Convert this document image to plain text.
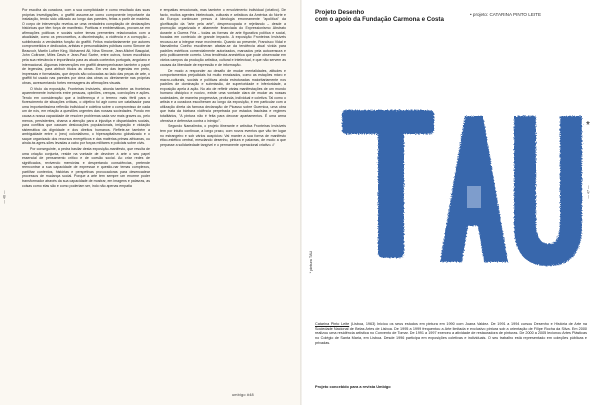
Por escolha da curadora, com a sua cumplicidade e como resultado das suas próprias investigações, o graffiti assume-se como componente importante da instalação, tendo sido utilizado ao longo das paredes, feitas a partir de madeira. O corpo de intervenção revelou-se uma verdadeira compilação de declarações históricas que têm força de manifesto. Poéticas e emblemáticas, provam-se em afirmações políticas e sociais sobre temas prementes relacionados com a atualidade, como os preconceitos, a discriminação, a violência e a corrupção – sublinhando a verdadeira função do graffiti. Feitos maioritariamente por autores comprometidos e dedicados, artistas e personalidades públicas como Simone de Beauvoir, Martin Luther King, Mohamed Ali, Nina Simone, Jean-Michel Basquiat, John Coltrane, Miles Davis e Jean-Paul Sartre, entre outros, foram escolhidos pela sua relevância e importância para as atuais contextos portugais, angolano e internacional. Algumas intervenções em graffiti desempenharam também o papel de legendas, para atribuir títulos às obras. Em vez das legendas em preto, impressas e formatadas, que depois são colocadas ao lado das peças de arte, o graffiti foi usado nas paredes por cima das obras ou diretamente nas próprias obras, acrescentando fortes mensagens às afirmações visuais.

O título da exposição, Fronteiras Invisíveis, aborda também as fronteiras aparentemente invisíveis entre pessoas, opiniões, crenças, convicções e ações. Tendo em consideração que a indiferença é o terreno mais fértil para o florescimento de situações críticas, o objetivo foi agir como um catalisador para uma importantíssima reflexão individual e coletiva sobre o compromisso de cada um de nós, em relação a questões urgentes das nossas sociedades. Pondo em causa a nossa capacidade de resolver problemas cada vez mais graves ou, pelo menos, persistentes, chama a atenção para a injustiça e disparidades sociais, para conflitos que causam deslocações populacionais, imigração e violação sistemática da dignidade e dos direitos humanos. Reflete-se também a ambiguidade entre o (neo) colonialismo, o hipercapitalismo globalizado e o saque organizado dos recursos energéticos e das matérias-primas africanas, ou ainda às agres-sões levadas a cabo por forças militares e policiais sobre civis.

Por conseguinte, a pedra basilar desta exposição-manifesto, que resulta de uma criação conjunta, reside na vontade de devolver à arte o seu papel essencial de pensamento crítico e de coesão social. Ao criar redes de significados, revivendo memórias e despertando consciências, pretende reencontrar a sua capacidade de expressar e questio-nar temas complexos, partilhar contextos, histórias e perspetivas provocadoras para desencadear processos de mudança social. Porque a arte tem sempre um enorme poder transformador através da sua capacidade de mostrar, em imagens e palavras, as coisas como elas são e como poderiam ser, indo não apenas empatia

e empatias emocionais, mas também o envolvimento individual (criativo). De facto, muitos agentes intelectuais, culturais e artísticos da América do Norte e da Europa continuam presos à ideologia erroneamente "apolítica" da glorificação da "arte pela arte", despreocupada e rejeitando – desde a promoção organizada e altamente financiada do Expressionismo Abstrato durante a Guerra Fria – todas as formas de arte figurativa política e social, focadas em conteúdo de grande impacto. A exposição Fronteiras Invisíveis recusou-se a integrar esse movimento. Quanto ao presente, Francisco Vidal e Namalimba Coelho escolheram afastar-se da tendência atual vivida para padrões estéticos comercialmente autorizados, marcados pela autocensura e pelo politicamente correto. Uma tendência anestética que pode observadar em vários campos da produção artística, cultural e intelectual, e que não servem as causas da liberdade de expressão e de informação.

De modo a responder ao desafio de mudar mentalidades, atitudes e comportamentos prejudiciais há muito enraizados, como as estações micro e macro-culturais, sociais e políticas ainda estruturadas maioritariamente nos padrões de dominação e submissão, de superioridade e inferioridade, a exposição apela à ação. No ato de refletir várias manifestações de um mundo humano distópico e nocivo, existe uma vontade clara de mudar as nossas sociedades, de maneira progressiva, profunda, individual e coletiva. Tal como o artista e a curadora escolheram ao longo da exposição, é em particular com a utilização direta da famosa declaração de Picasso sobre Guernica, uma obra que trata da bárbara violência perpetrada por estados fascistas e regimes totalitários, "A pintura não é feita para decorar apartamentos. É uma arma ofensiva e defensiva contra o inimigo".

Segundo Namalimba, o projeto itinerante e artística Fronteiras Invisíveis tem por intuito continuar, a longo prazo, com novos eventos que vão ter lugar no estrangeiro e sob vários auspícios: Vai manter a sua forma de manifesto ético-estético central, mesclando desenho, pintura e palavras, de modo a que perpasse a solidariedade tangível e o permanente operacional criativo. //

— 46 —
umbigo #48
Projeto Desenho
com o apoio da Fundação Carmona e Costa
• projeto: CATARINA PINTO LEITE
*
* pintura TAU
— 47 —
Catarina Pinto Leite (Lisboa, 1963) Iniciou os seus estudos em pintura em 1990 com Joana Valdez. De 1991 a 1994 cursou Desenho e História de Arte na Sociedade Nacional de Belas Artes de Lisboa. De 1995 a 1999 frequentou a Arte limitada e exclusivo pintura sob a orientação de Filipe Rocha da Silva. Em 2000 realizou uma residência artística no Convento de Tomar. De 1991 a 1997 exerceu a atividade de restauradora de pinturas. De 2000 a 2005 lecionou Artes Plásticas no Colégio de Santa Maria, em Lisboa. Desde 1996 participa em exposições coletivas e individuais. O seu trabalho está representado em coleções públicas e privadas.
Projeto concebido para a revista Umbigo
